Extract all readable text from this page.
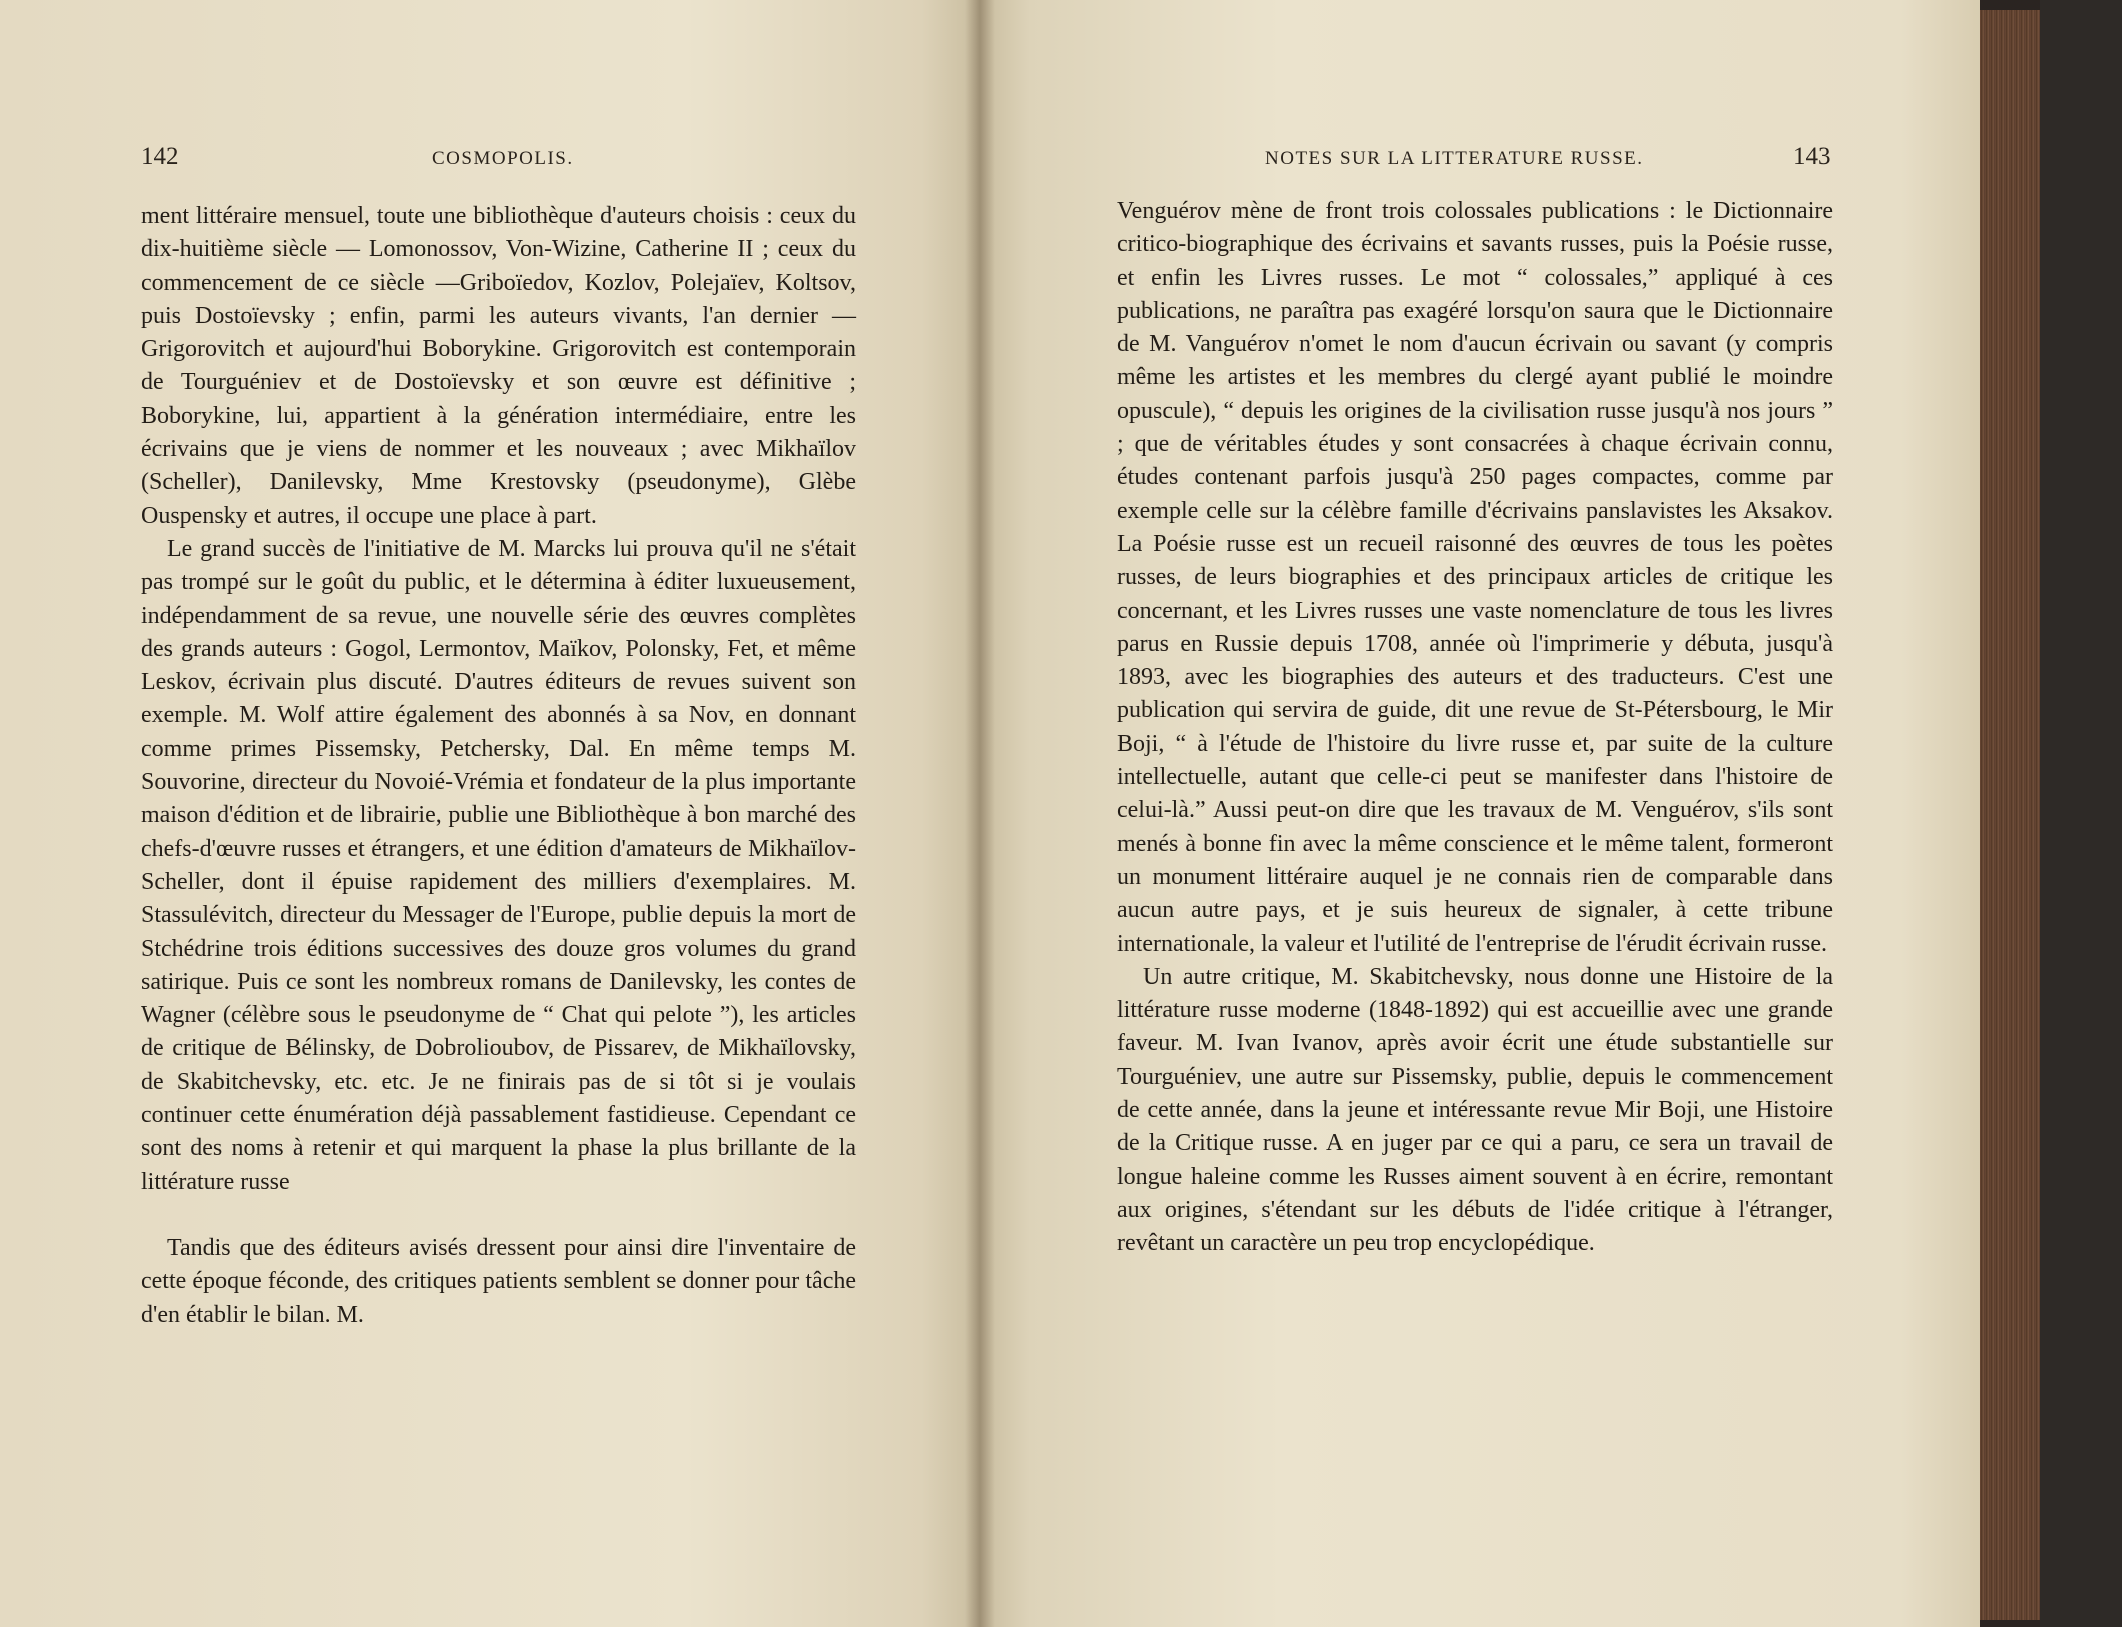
142	COSMOPOLIS.

ment littéraire mensuel, toute une bibliothèque d'auteurs choisis : ceux du dix-huitième siècle — Lomonossov, Von-Wizine, Catherine II ; ceux du commencement de ce siècle —Griboïedov, Kozlov, Polejaïev, Koltsov, puis Dostoïevsky ; enfin, parmi les auteurs vivants, l'an dernier — Grigorovitch et aujourd'hui Boborykine. Grigorovitch est contemporain de Tourguéniev et de Dostoïevsky et son œuvre est définitive ; Boborykine, lui, appartient à la génération intermédiaire, entre les écrivains que je viens de nommer et les nouveaux ; avec Mikhaïlov (Scheller), Danilevsky, Mme Krestovsky (pseudonyme), Glèbe Ouspensky et autres, il occupe une place à part.

Le grand succès de l'initiative de M. Marcks lui prouva qu'il ne s'était pas trompé sur le goût du public, et le détermina à éditer luxueusement, indépendamment de sa revue, une nouvelle série des œuvres complètes des grands auteurs : Gogol, Lermontov, Maïkov, Polonsky, Fet, et même Leskov, écrivain plus discuté. D'autres éditeurs de revues suivent son exemple. M. Wolf attire également des abonnés à sa Nov, en donnant comme primes Pissemsky, Petchersky, Dal. En même temps M. Souvorine, directeur du Novoié-Vrémia et fondateur de la plus importante maison d'édition et de librairie, publie une Bibliothèque à bon marché des chefs-d'œuvre russes et étrangers, et une édition d'amateurs de Mikhaïlov-Scheller, dont il épuise rapidement des milliers d'exemplaires. M. Stassulévitch, directeur du Messager de l'Europe, publie depuis la mort de Stchédrine trois éditions successives des douze gros volumes du grand satirique. Puis ce sont les nombreux romans de Danilevsky, les contes de Wagner (célèbre sous le pseudonyme de “ Chat qui pelote ”), les articles de critique de Bélinsky, de Dobrolioubov, de Pissarev, de Mikhaïlovsky, de Skabitchevsky, etc. etc. Je ne finirais pas de si tôt si je voulais continuer cette énumération déjà passablement fastidieuse. Cependant ce sont des noms à retenir et qui marquent la phase la plus brillante de la littérature russe

Tandis que des éditeurs avisés dressent pour ainsi dire l'inventaire de cette époque féconde, des critiques patients semblent se donner pour tâche d'en établir le bilan. M.

NOTES SUR LA LITTERATURE RUSSE.	143

Venguérov mène de front trois colossales publications : le Dictionnaire critico-biographique des écrivains et savants russes, puis la Poésie russe, et enfin les Livres russes. Le mot “ colossales,” appliqué à ces publications, ne paraîtra pas exagéré lorsqu'on saura que le Dictionnaire de M. Vanguérov n'omet le nom d'aucun écrivain ou savant (y compris même les artistes et les membres du clergé ayant publié le moindre opuscule), “ depuis les origines de la civilisation russe jusqu'à nos jours ” ; que de véritables études y sont consacrées à chaque écrivain connu, études contenant parfois jusqu'à 250 pages compactes, comme par exemple celle sur la célèbre famille d'écrivains panslavistes les Aksakov. La Poésie russe est un recueil raisonné des œuvres de tous les poètes russes, de leurs biographies et des principaux articles de critique les concernant, et les Livres russes une vaste nomenclature de tous les livres parus en Russie depuis 1708, année où l'imprimerie y débuta, jusqu'à 1893, avec les biographies des auteurs et des traducteurs. C'est une publication qui servira de guide, dit une revue de St-Pétersbourg, le Mir Boji, “ à l'étude de l'histoire du livre russe et, par suite de la culture intellectuelle, autant que celle-ci peut se manifester dans l'histoire de celui-là.” Aussi peut-on dire que les travaux de M. Venguérov, s'ils sont menés à bonne fin avec la même conscience et le même talent, formeront un monument littéraire auquel je ne connais rien de comparable dans aucun autre pays, et je suis heureux de signaler, à cette tribune internationale, la valeur et l'utilité de l'entreprise de l'érudit écrivain russe.

Un autre critique, M. Skabitchevsky, nous donne une Histoire de la littérature russe moderne (1848-1892) qui est accueillie avec une grande faveur. M. Ivan Ivanov, après avoir écrit une étude substantielle sur Tourguéniev, une autre sur Pissemsky, publie, depuis le commencement de cette année, dans la jeune et intéressante revue Mir Boji, une Histoire de la Critique russe. A en juger par ce qui a paru, ce sera un travail de longue haleine comme les Russes aiment souvent à en écrire, remontant aux origines, s'étendant sur les débuts de l'idée critique à l'étranger, revêtant un caractère un peu trop encyclopédique.
